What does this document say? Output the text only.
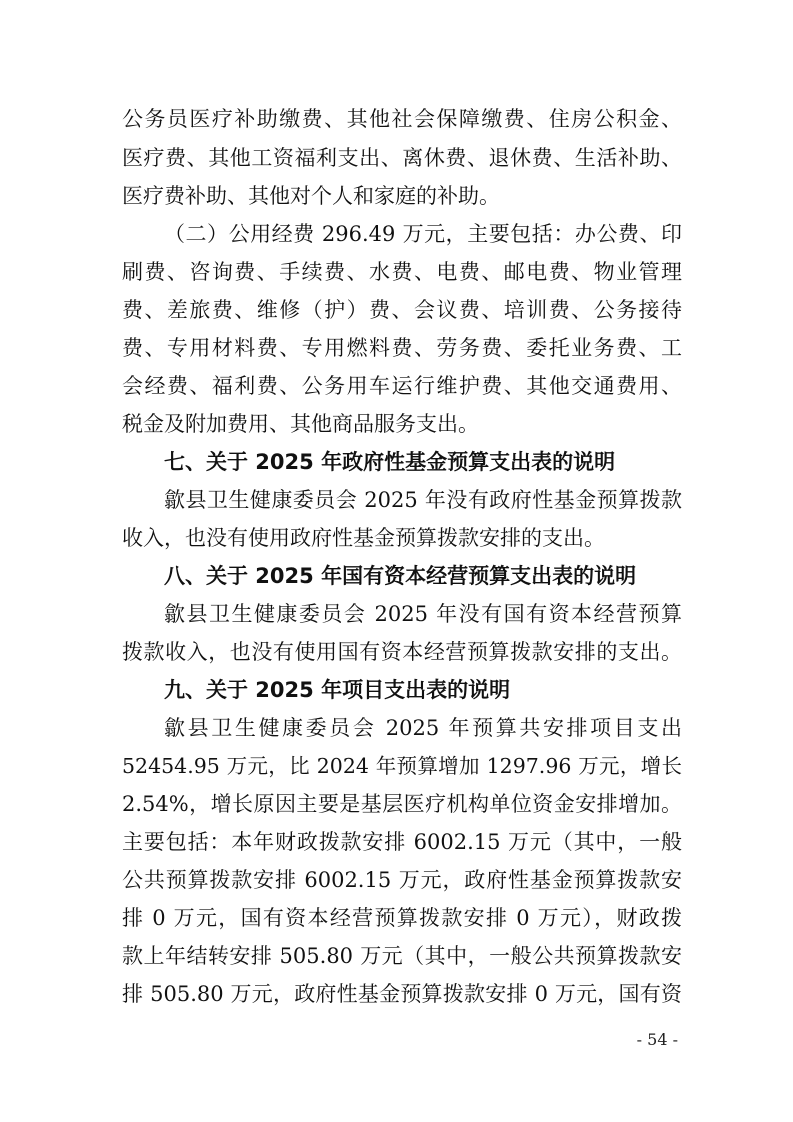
公务员医疗补助缴费、其他社会保障缴费、住房公积金、
医疗费、其他工资福利支出、离休费、退休费、生活补助、
医疗费补助、其他对个人和家庭的补助。
（二）公用经费 296.49 万元，主要包括：办公费、印
刷费、咨询费、手续费、水费、电费、邮电费、物业管理
费、差旅费、维修（护）费、会议费、培训费、公务接待
费、专用材料费、专用燃料费、劳务费、委托业务费、工
会经费、福利费、公务用车运行维护费、其他交通费用、
税金及附加费用、其他商品服务支出。
七、关于 2025 年政府性基金预算支出表的说明
歙县卫生健康委员会 2025 年没有政府性基金预算拨款
收入，也没有使用政府性基金预算拨款安排的支出。
八、关于 2025 年国有资本经营预算支出表的说明
歙县卫生健康委员会 2025 年没有国有资本经营预算
拨款收入，也没有使用国有资本经营预算拨款安排的支出。
九、关于 2025 年项目支出表的说明
歙县卫生健康委员会 2025 年预算共安排项目支出
52454.95 万元，比 2024 年预算增加 1297.96 万元，增长
2.54%，增长原因主要是基层医疗机构单位资金安排增加。
主要包括：本年财政拨款安排 6002.15 万元（其中，一般
公共预算拨款安排 6002.15 万元，政府性基金预算拨款安
排 0 万元，国有资本经营预算拨款安排 0 万元），财政拨
款上年结转安排 505.80 万元（其中，一般公共预算拨款安
排 505.80 万元，政府性基金预算拨款安排 0 万元，国有资
- 54 -
